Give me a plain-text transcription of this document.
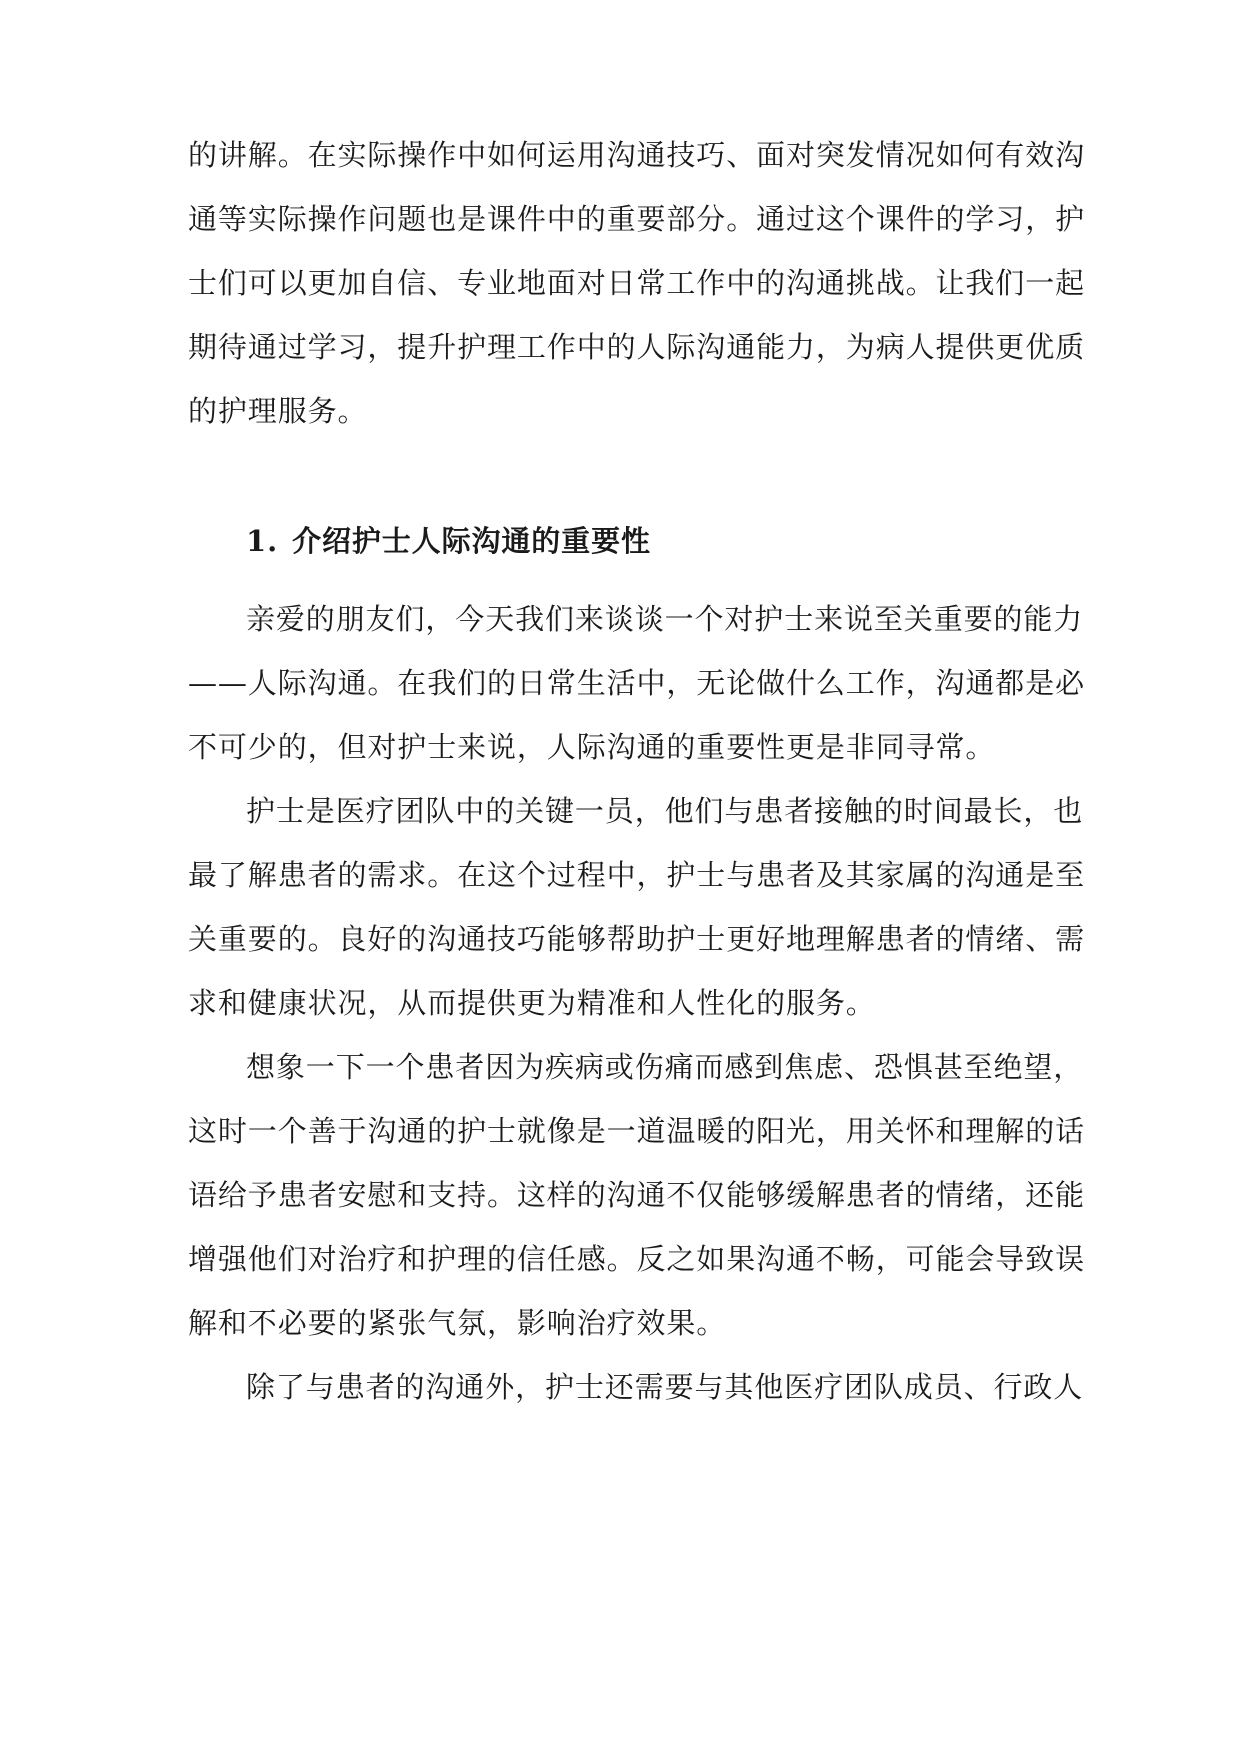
的讲解。在实际操作中如何运用沟通技巧、面对突发情况如何有效沟
通等实际操作问题也是课件中的重要部分。通过这个课件的学习，护
士们可以更加自信、专业地面对日常工作中的沟通挑战。让我们一起
期待通过学习，提升护理工作中的人际沟通能力，为病人提供更优质
的护理服务。
1. 介绍护士人际沟通的重要性
亲爱的朋友们，今天我们来谈谈一个对护士来说至关重要的能力
——人际沟通。在我们的日常生活中，无论做什么工作，沟通都是必
不可少的，但对护士来说，人际沟通的重要性更是非同寻常。
护士是医疗团队中的关键一员，他们与患者接触的时间最长，也
最了解患者的需求。在这个过程中，护士与患者及其家属的沟通是至
关重要的。良好的沟通技巧能够帮助护士更好地理解患者的情绪、需
求和健康状况，从而提供更为精准和人性化的服务。
想象一下一个患者因为疾病或伤痛而感到焦虑、恐惧甚至绝望，
这时一个善于沟通的护士就像是一道温暖的阳光，用关怀和理解的话
语给予患者安慰和支持。这样的沟通不仅能够缓解患者的情绪，还能
增强他们对治疗和护理的信任感。反之如果沟通不畅，可能会导致误
解和不必要的紧张气氛，影响治疗效果。
除了与患者的沟通外，护士还需要与其他医疗团队成员、行政人
